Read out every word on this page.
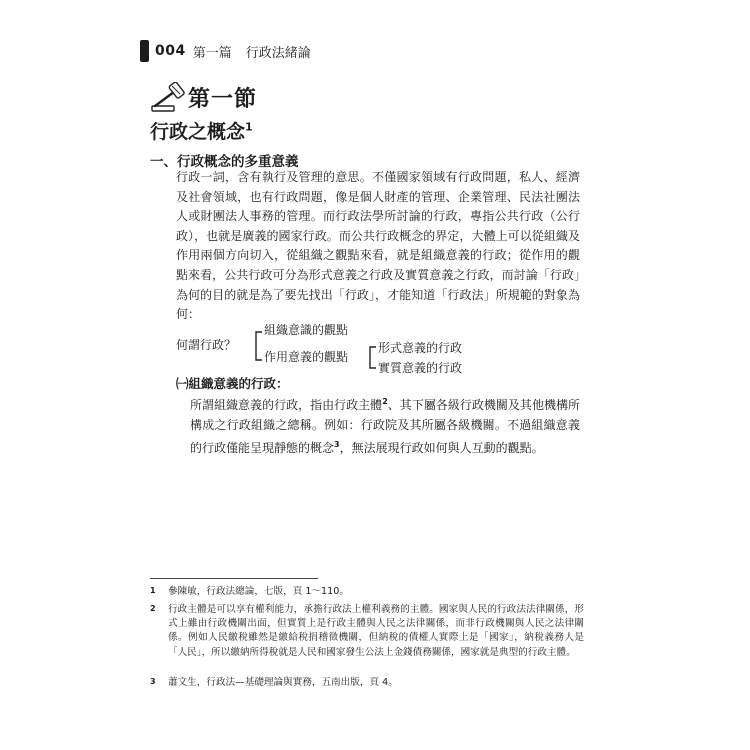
004 第一篇 行政法緒論
第一節
行政之概念$^1$
一、行政概念的多重意義
行政一詞，含有執行及管理的意思。不僅國家領域有行政問題，私人、經濟及社會領域，也有行政問題，像是個人財產的管理、企業管理、民法社團法人或財團法人事務的管理。而行政法學所討論的行政，專指公共行政（公行政），也就是廣義的國家行政。而公共行政概念的界定，大體上可以從組織及作用兩個方向切入，從組織之觀點來看，就是組織意義的行政；從作用的觀點來看，公共行政可分為形式意義之行政及實質意義之行政，而討論「行政」為何的目的就是為了要先找出「行政」，才能知道「行政法」所規範的對象為何：
何謂行政？
組織意識的觀點
作用意義的觀點
形式意義的行政
實質意義的行政
㈠組織意義的行政：
所謂組織意義的行政，指由行政主體$^2$、其下屬各級行政機關及其他機構所構成之行政組織之總稱。例如：行政院及其所屬各級機關。不過組織意義的行政僅能呈現靜態的概念$^3$，無法展現行政如何與人互動的觀點。
1	參陳敏，行政法總論，七版，頁 1～110。
2	行政主體是可以享有權利能力，承擔行政法上權利義務的主體。國家與人民的行政法法律關係，形式上雖由行政機關出面，但實質上是行政主體與人民之法律關係，而非行政機關與人民之法律關係。例如人民繳稅雖然是繳給稅捐稽徵機關，但納稅的債權人實際上是「國家」，納稅義務人是「人民」，所以繳納所得稅就是人民和國家發生公法上金錢債務關係，國家就是典型的行政主體。
3	蕭文生，行政法—基礎理論與實務，五南出版，頁 4。
